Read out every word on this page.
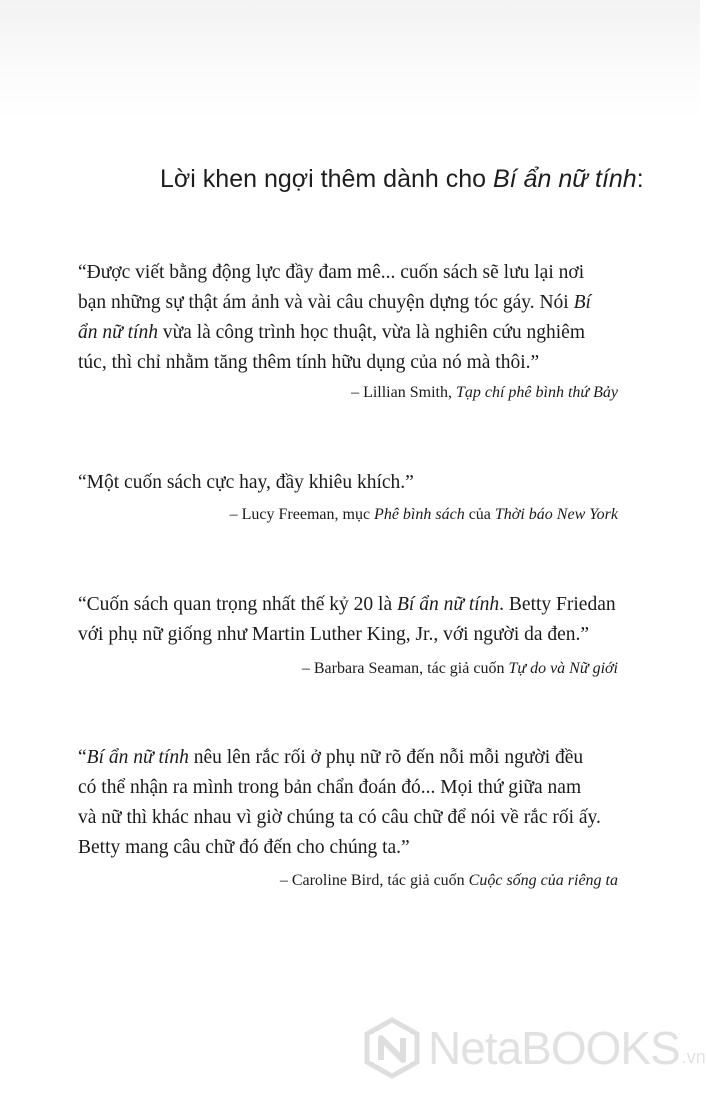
Lời khen ngợi thêm dành cho Bí ẩn nữ tính:
“Được viết bằng động lực đầy đam mê... cuốn sách sẽ lưu lại nơi
bạn những sự thật ám ảnh và vài câu chuyện dựng tóc gáy. Nói Bí
ẩn nữ tính vừa là công trình học thuật, vừa là nghiên cứu nghiêm
túc, thì chỉ nhằm tăng thêm tính hữu dụng của nó mà thôi.”
– Lillian Smith, Tạp chí phê bình thứ Bảy
“Một cuốn sách cực hay, đầy khiêu khích.”
– Lucy Freeman, mục Phê bình sách của Thời báo New York
“Cuốn sách quan trọng nhất thế kỷ 20 là Bí ẩn nữ tính. Betty Friedan
với phụ nữ giống như Martin Luther King, Jr., với người da đen.”
– Barbara Seaman, tác giả cuốn Tự do và Nữ giới
“Bí ẩn nữ tính nêu lên rắc rối ở phụ nữ rõ đến nỗi mỗi người đều
có thể nhận ra mình trong bản chẩn đoán đó... Mọi thứ giữa nam
và nữ thì khác nhau vì giờ chúng ta có câu chữ để nói về rắc rối ấy.
Betty mang câu chữ đó đến cho chúng ta.”
– Caroline Bird, tác giả cuốn Cuộc sống của riêng ta
NetaBOOKS .vn
